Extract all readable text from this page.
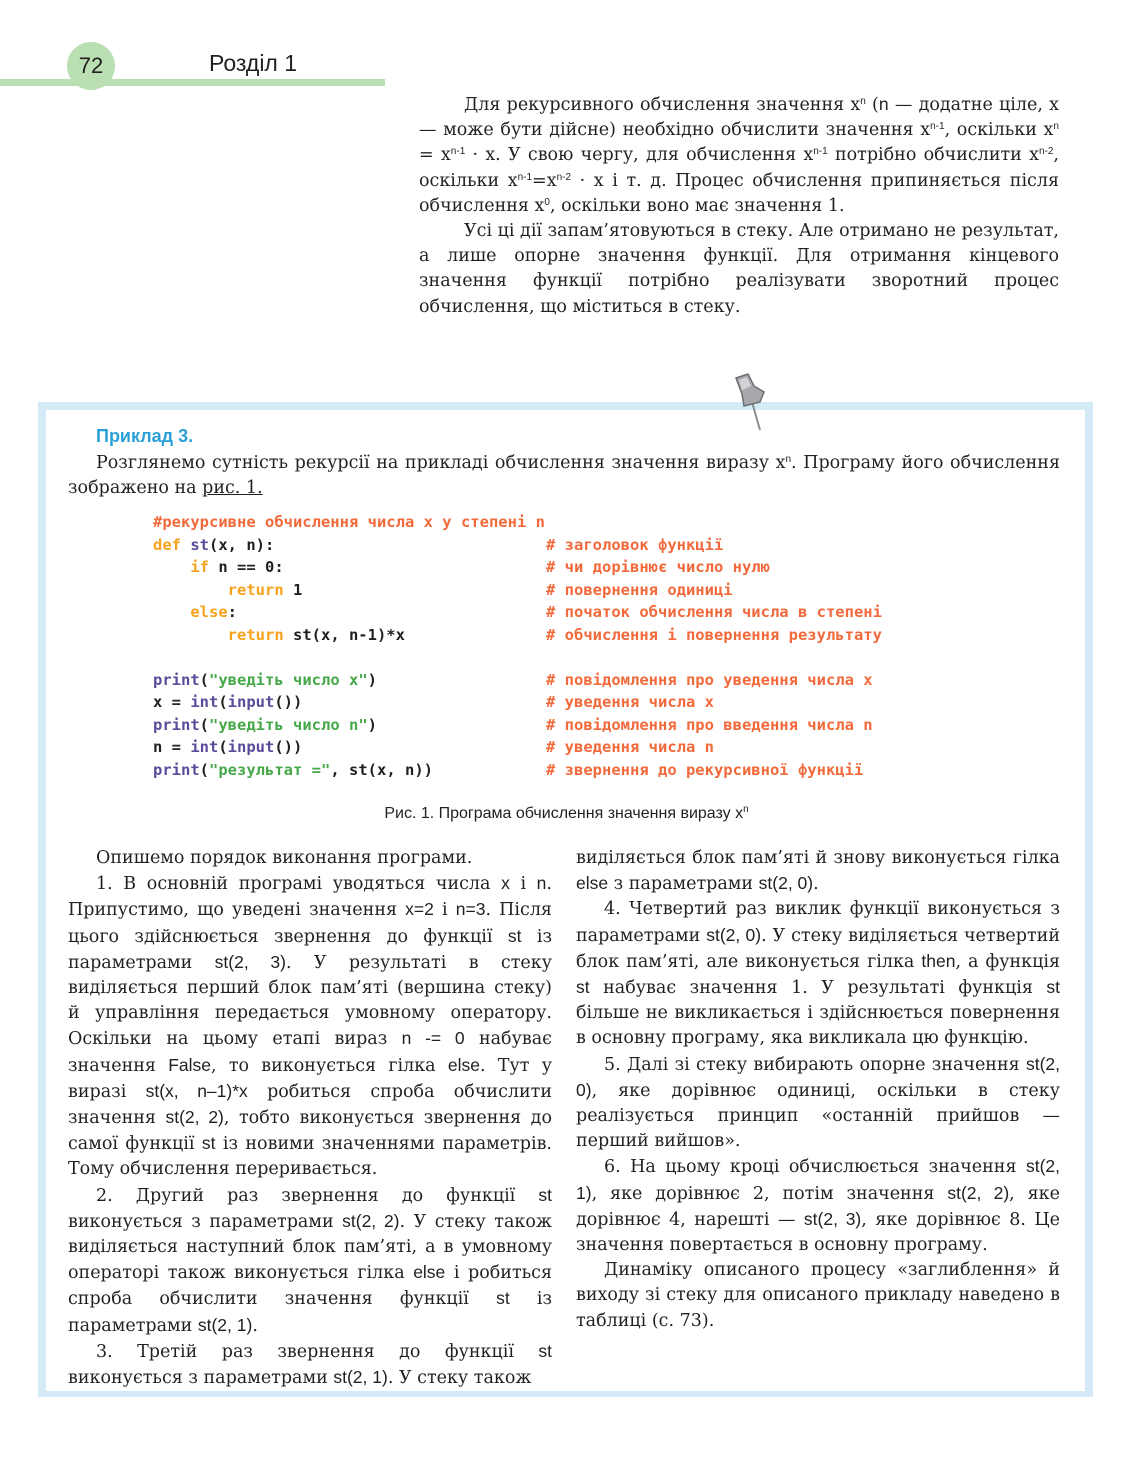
72	Розділ 1

Для рекурсивного обчислення значення $x^n$ (n — додатне ціле, x — може бути дійсне) необхідно обчислити значення $x^{n-1}$, оскільки $x^n = x^{n-1} \cdot x$. У свою чергу, для обчислення $x^{n-1}$ потрібно обчислити $x^{n-2}$, оскільки $x^{n-1}=x^{n-2} \cdot x$ і т. д. Процес обчислення припиняється після обчислення $x^0$, оскільки воно має значення 1.

Усі ці дії запам’ятовуються в стеку. Але отримано не результат, а лише опорне значення функції. Для отримання кінцевого значення функції потрібно реалізувати зворотний процес обчислення, що міститься в стеку.

Приклад 3.

Розглянемо сутність рекурсії на прикладі обчислення значення виразу $x^n$. Програму його обчислення зображено на рис. 1.

#рекурсивне обчислення числа x у степені n
def st(x, n):	# заголовок функції
if n == 0:	# чи дорівнює число нулю
return 1	# повернення одиниці
else:	# початок обчислення числа в степені
return st(x, n-1)*x	# обчислення і повернення результату
print("уведіть число x")	# повідомлення про уведення числа x
x = int(input())	# уведення числа x
print("уведіть число n")	# повідомлення про введення числа n
n = int(input())	# уведення числа n
print("результат =", st(x, n))	# звернення до рекурсивної функції
Рис. 1. Програма обчислення значення виразу $x^n$

Опишемо порядок виконання програми.

1. В основній програмі уводяться числа x і n. Припустимо, що уведені значення x=2 і n=3. Після цього здійснюється звернення до функції st із параметрами st(2, 3). У результаті в стеку виділяється перший блок пам’яті (вершина стеку) й управління передається умовному оператору. Оскільки на цьому етапі вираз n -= 0 набуває значення False, то виконується гілка else. Тут у виразі st(x, n–1)*x робиться спроба обчислити значення st(2, 2), тобто виконується звернення до самої функції st із новими значеннями параметрів. Тому обчислення переривається.

2. Другий раз звернення до функції st виконується з параметрами st(2, 2). У стеку також виділяється наступний блок пам’яті, а в умовному операторі також виконується гілка else і робиться спроба обчислити значення функції st із параметрами st(2, 1).

3. Третій раз звернення до функції st виконується з параметрами st(2, 1). У стеку також

виділяється блок пам’яті й знову виконується гілка else з параметрами st(2, 0).

4. Четвертий раз виклик функції виконується з параметрами st(2, 0). У стеку виділяється четвертий блок пам’яті, але виконується гілка then, а функція st набуває значення 1. У результаті функція st більше не викликається і здійснюється повернення в основну програму, яка викликала цю функцію.

5. Далі зі стеку вибирають опорне значення st(2, 0), яке дорівнює одиниці, оскільки в стеку реалізується принцип «останній прийшов — перший вийшов».

6. На цьому кроці обчислюється значення st(2, 1), яке дорівнює 2, потім значення st(2, 2), яке дорівнює 4, нарешті — st(2, 3), яке дорівнює 8. Це значення повертається в основну програму.

Динаміку описаного процесу «заглиблення» й виходу зі стеку для описаного прикладу наведено в таблиці (с. 73).
